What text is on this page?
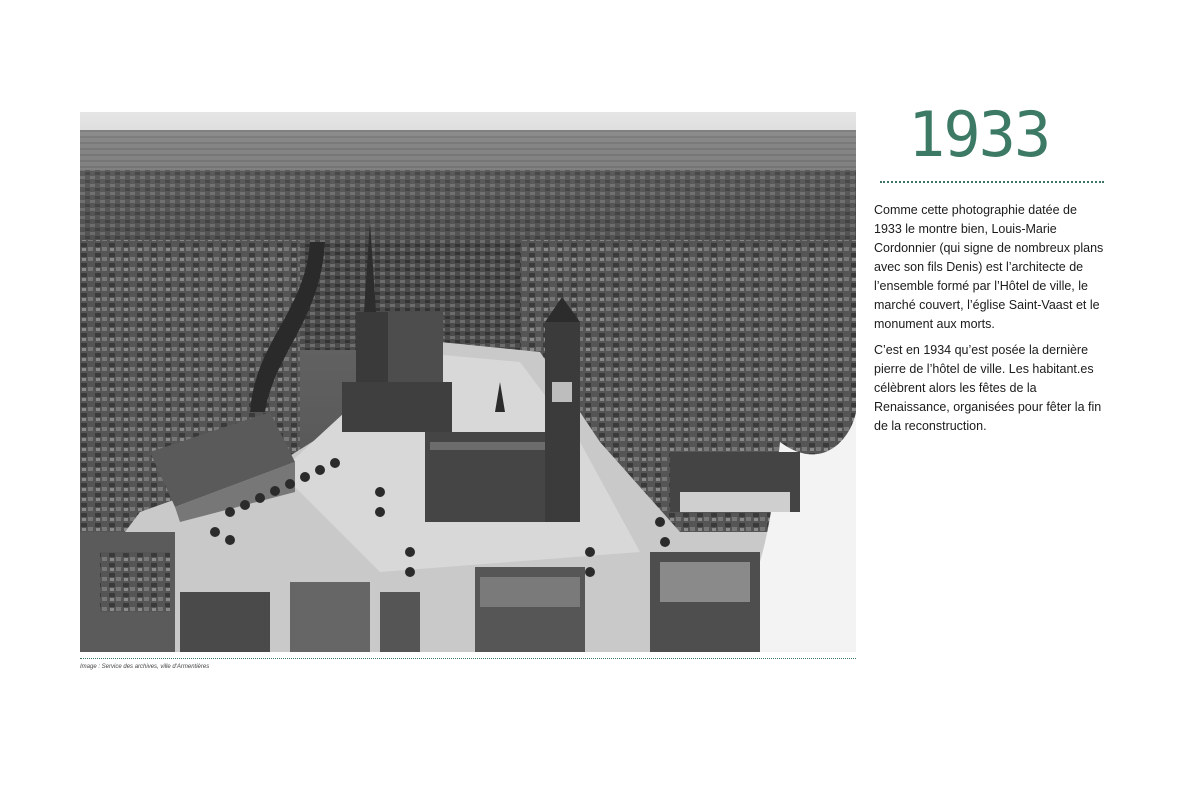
Image : Service des archives, ville d'Armentières
1933

Comme cette photographie datée de 1933 le montre bien, Louis-Marie Cordonnier (qui signe de nombreux plans avec son fils Denis) est l’architecte de l’ensemble formé par l’Hôtel de ville, le marché couvert, l’église Saint-Vaast et le monument aux morts.

C’est en 1934 qu’est posée la dernière pierre de l’hôtel de ville. Les habitant.es célèbrent alors les fêtes de la Renaissance, organisées pour fêter la fin de la reconstruction.
